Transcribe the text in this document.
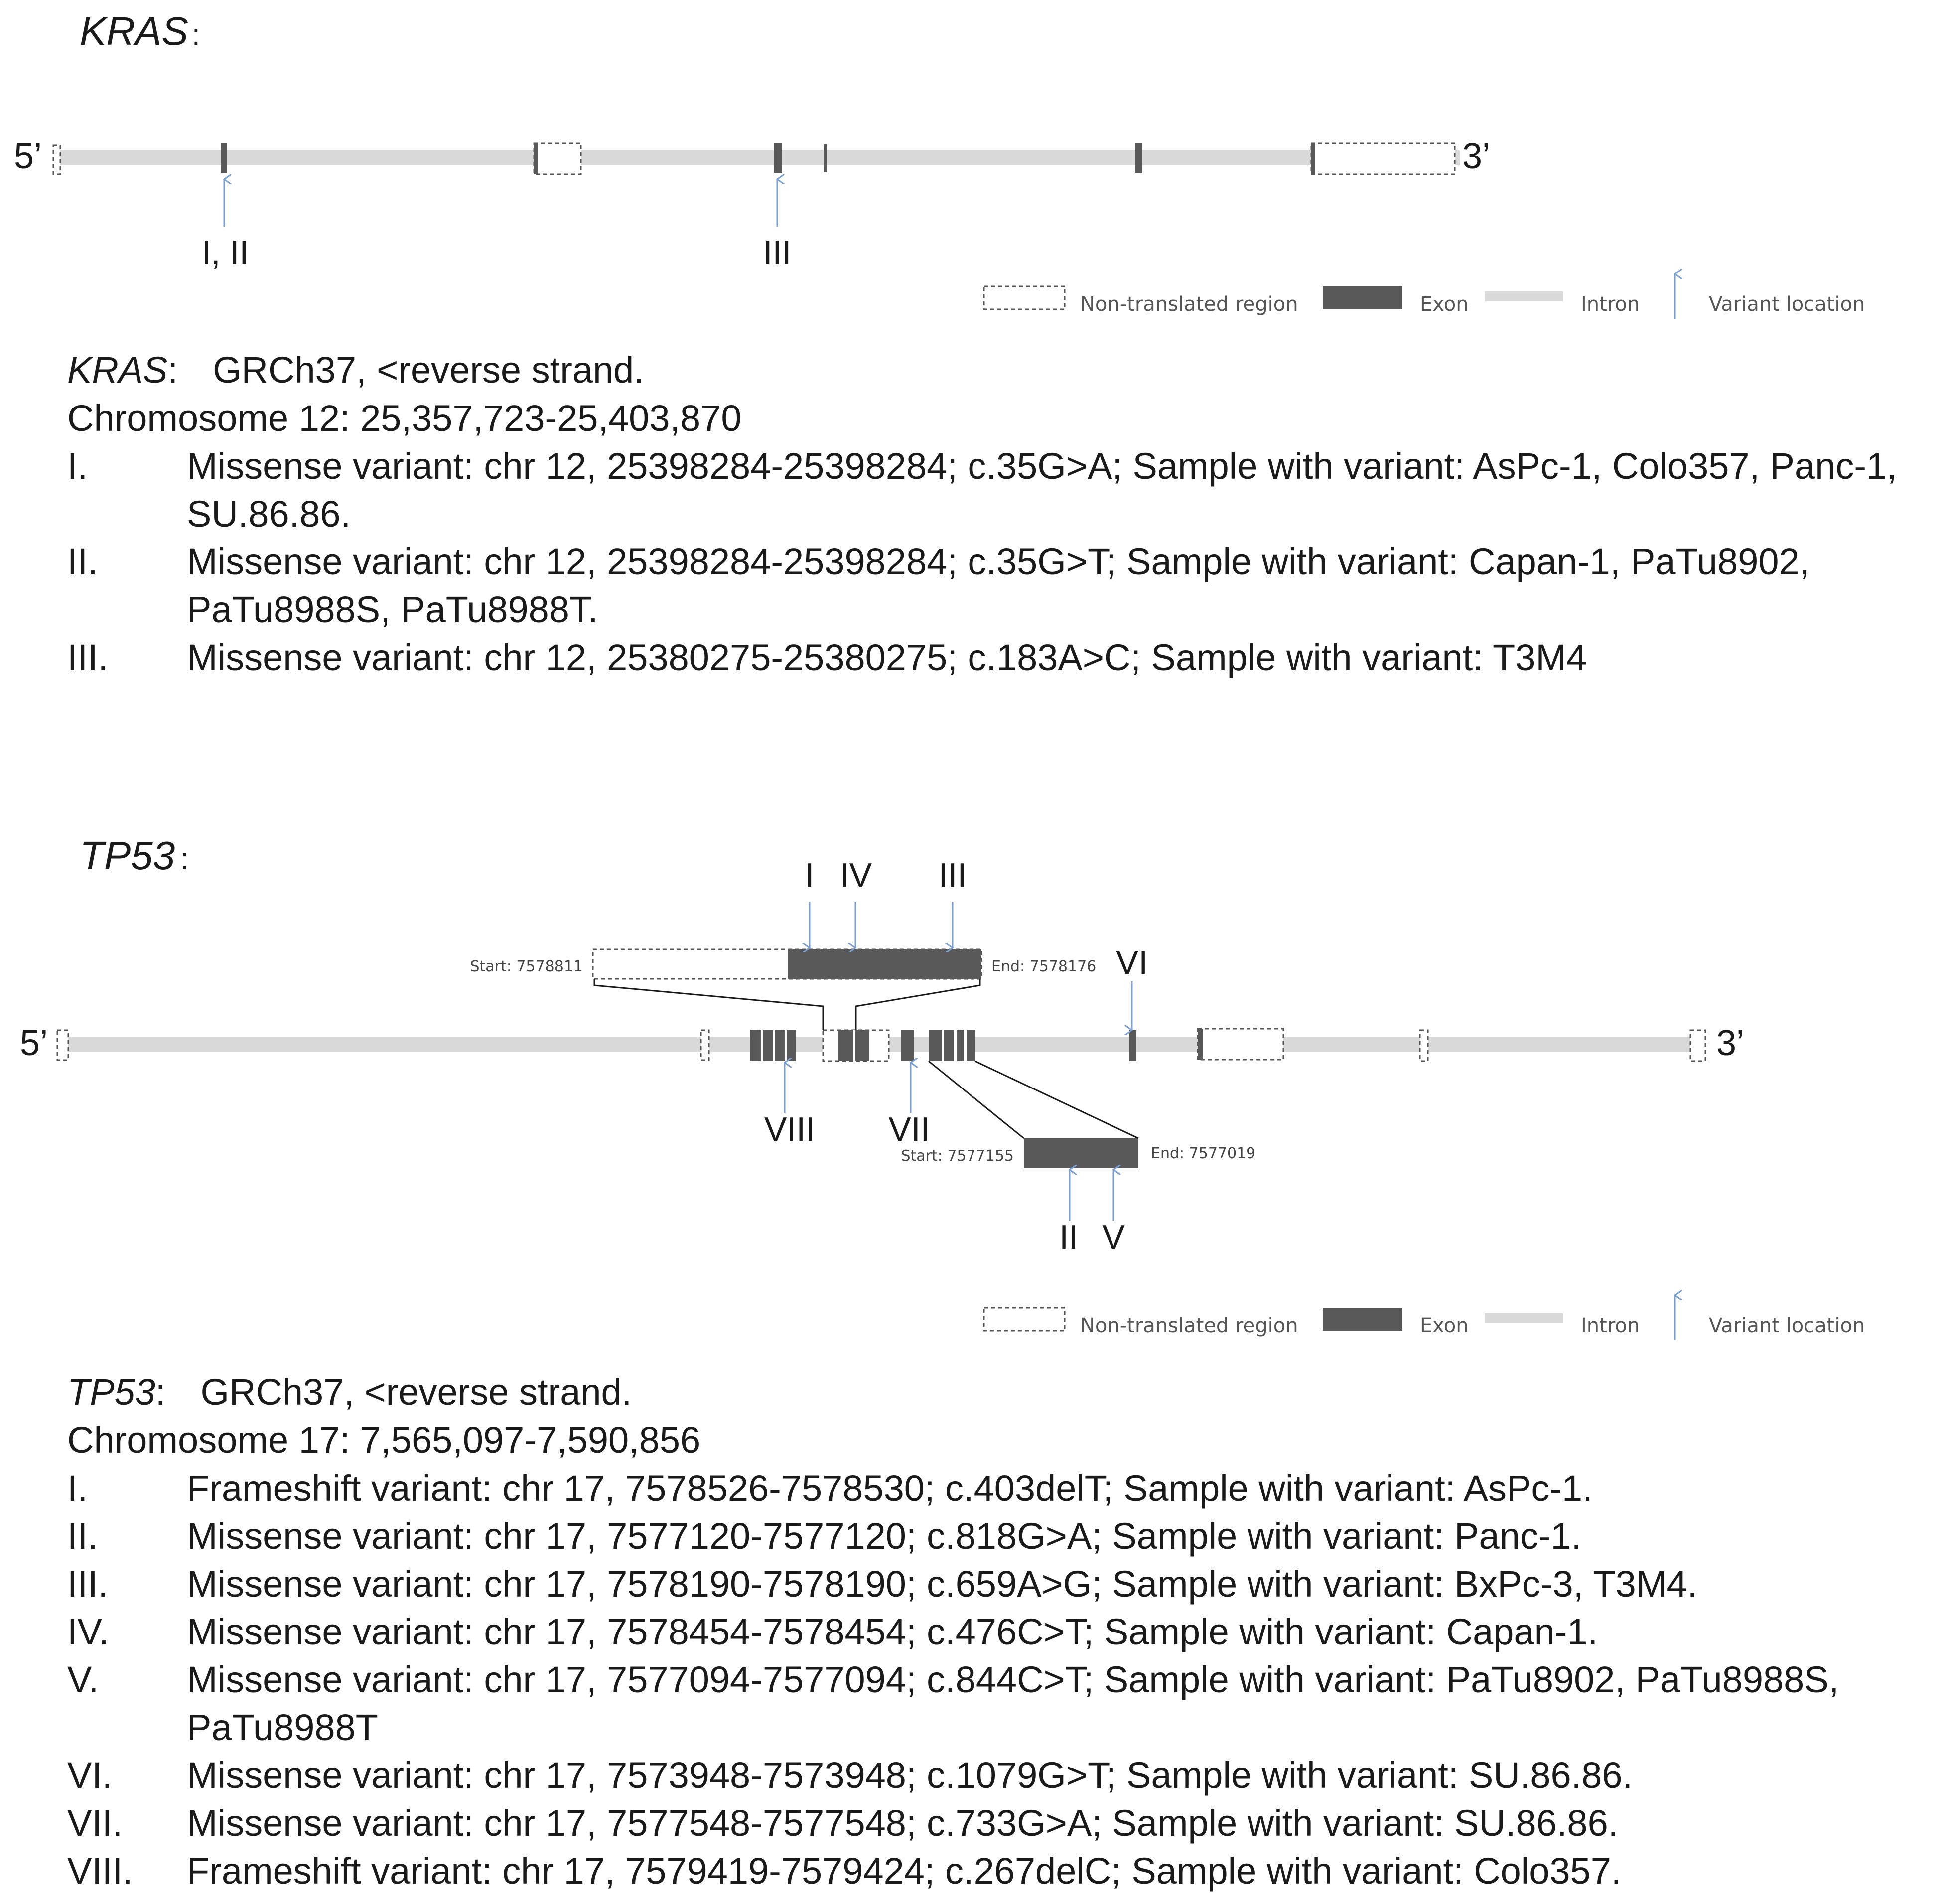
KRAS :
5’	3’
I, II	III
Non-translated region	Exon	Intron	Variant location
TP53 :
5’	3’
Start: 7578811	End: 7578176
Start: 7577155	End: 7577019
I IV III
VI
VIII VII
II V
Non-translated region	Exon	Intron	Variant location
KRAS: GRCh37, <reverse strand.
Chromosome 12: 25,357,723-25,403,870
I.	Missense variant: chr 12, 25398284-25398284; c.35G>A; Sample with variant: AsPc-1, Colo357, Panc-1, SU.86.86.
II.	Missense variant: chr 12, 25398284-25398284; c.35G>T; Sample with variant: Capan-1, PaTu8902, PaTu8988S, PaTu8988T.
III.	Missense variant: chr 12, 25380275-25380275; c.183A>C; Sample with variant: T3M4
TP53: GRCh37, <reverse strand.
Chromosome 17: 7,565,097-7,590,856
I.	Frameshift variant: chr 17, 7578526-7578530; c.403delT; Sample with variant: AsPc-1.
II.	Missense variant: chr 17, 7577120-7577120; c.818G>A; Sample with variant: Panc-1.
III.	Missense variant: chr 17, 7578190-7578190; c.659A>G; Sample with variant: BxPc-3, T3M4.
IV.	Missense variant: chr 17, 7578454-7578454; c.476C>T; Sample with variant: Capan-1.
V.	Missense variant: chr 17, 7577094-7577094; c.844C>T; Sample with variant: PaTu8902, PaTu8988S, PaTu8988T
VI.	Missense variant: chr 17, 7573948-7573948; c.1079G>T; Sample with variant: SU.86.86.
VII.	Missense variant: chr 17, 7577548-7577548; c.733G>A; Sample with variant: SU.86.86.
VIII.	Frameshift variant: chr 17, 7579419-7579424; c.267delC; Sample with variant: Colo357.
